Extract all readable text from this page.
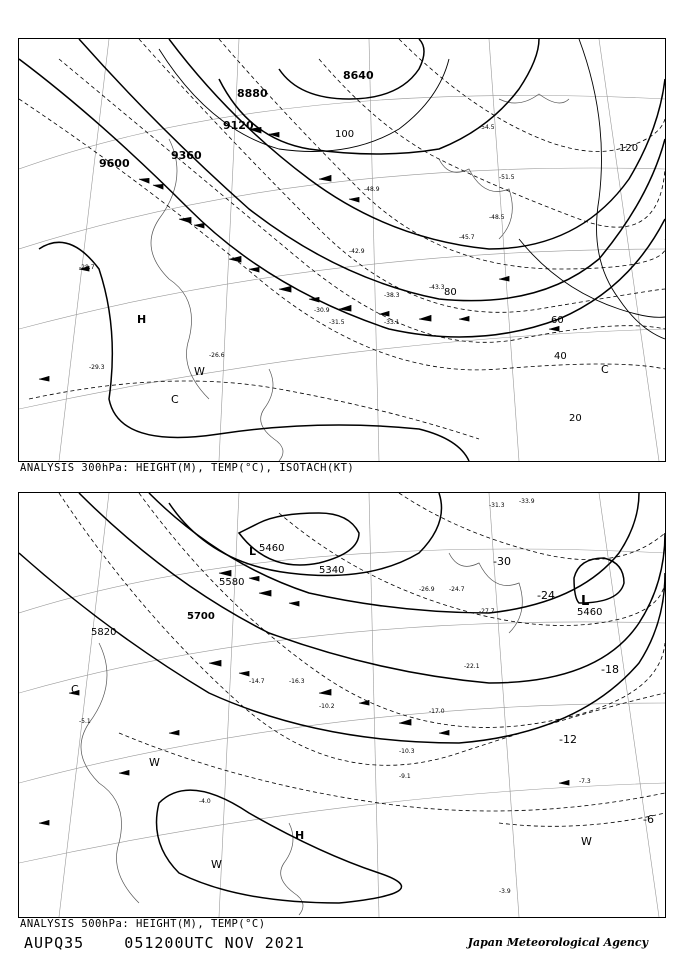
-51.5
-54.5
-45.7
-48.5
-33.1
-31.5
-26.6
-28.7
-29.3
-30.9
-38.3
-48.9
-42.9
-43.3
8880
9360
9600
9120
8640
20
40
60
80
100
120
H
C
W	C
ANALYSIS 300hPa: HEIGHT(M), TEMP(°C), ISOTACH(KT)
-31.3
-33.9
-26.9 -24.7
-27.7
-22.1
-17.0
-10.3
-9.1
-7.3
-4.0
-3.9
-5.1
-10.2
-16.3
-14.7
5460
5340
5580
5700
5820
5460
-30
-24
-18
-12
-6
L
L
H
W
W
C
W
ANALYSIS 500hPa: HEIGHT(M), TEMP(°C)
AUPQ35    051200UTC NOV 2021	Japan Meteorological Agency
